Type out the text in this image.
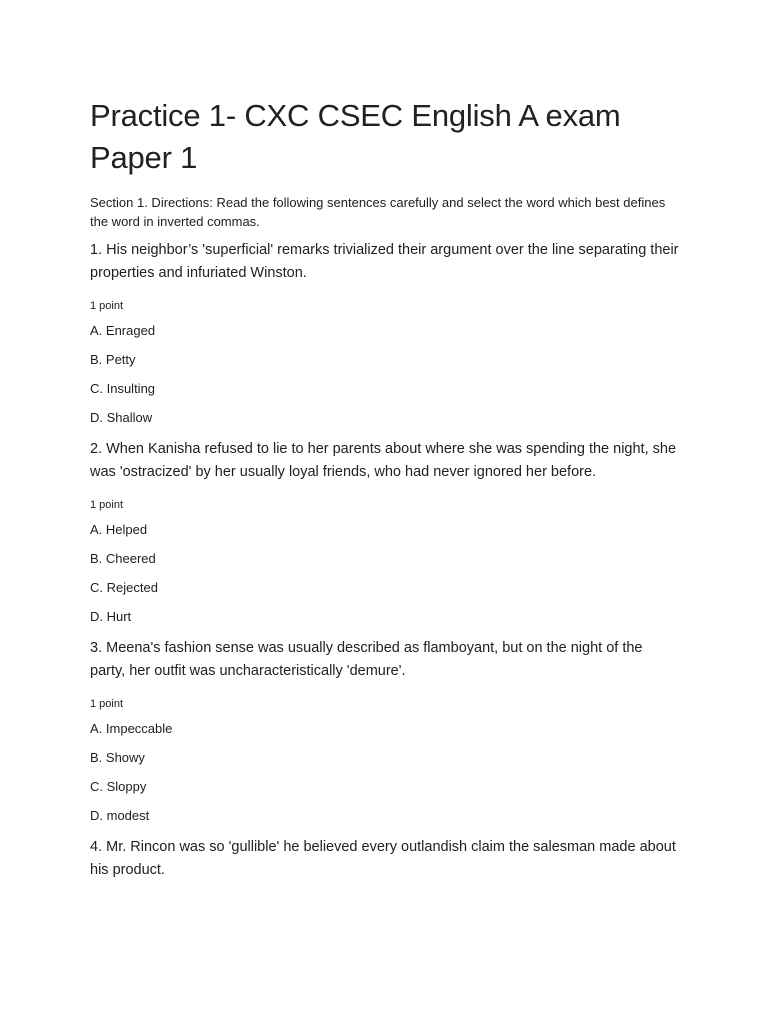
Practice 1- CXC CSEC English A exam Paper 1
Section 1. Directions: Read the following sentences carefully and select the word which best defines the word in inverted commas.
1. His neighbor’s 'superficial' remarks trivialized their argument over the line separating their properties and infuriated Winston.
1 point
A. Enraged
B. Petty
C. Insulting
D. Shallow
2. When Kanisha refused to lie to her parents about where she was spending the night, she was 'ostracized' by her usually loyal friends, who had never ignored her before.
1 point
A. Helped
B. Cheered
C. Rejected
D. Hurt
3. Meena's fashion sense was usually described as flamboyant, but on the night of the party, her outfit was uncharacteristically 'demure'.
1 point
A. Impeccable
B. Showy
C. Sloppy
D. modest
4. Mr. Rincon was so 'gullible' he believed every outlandish claim the salesman made about his product.
